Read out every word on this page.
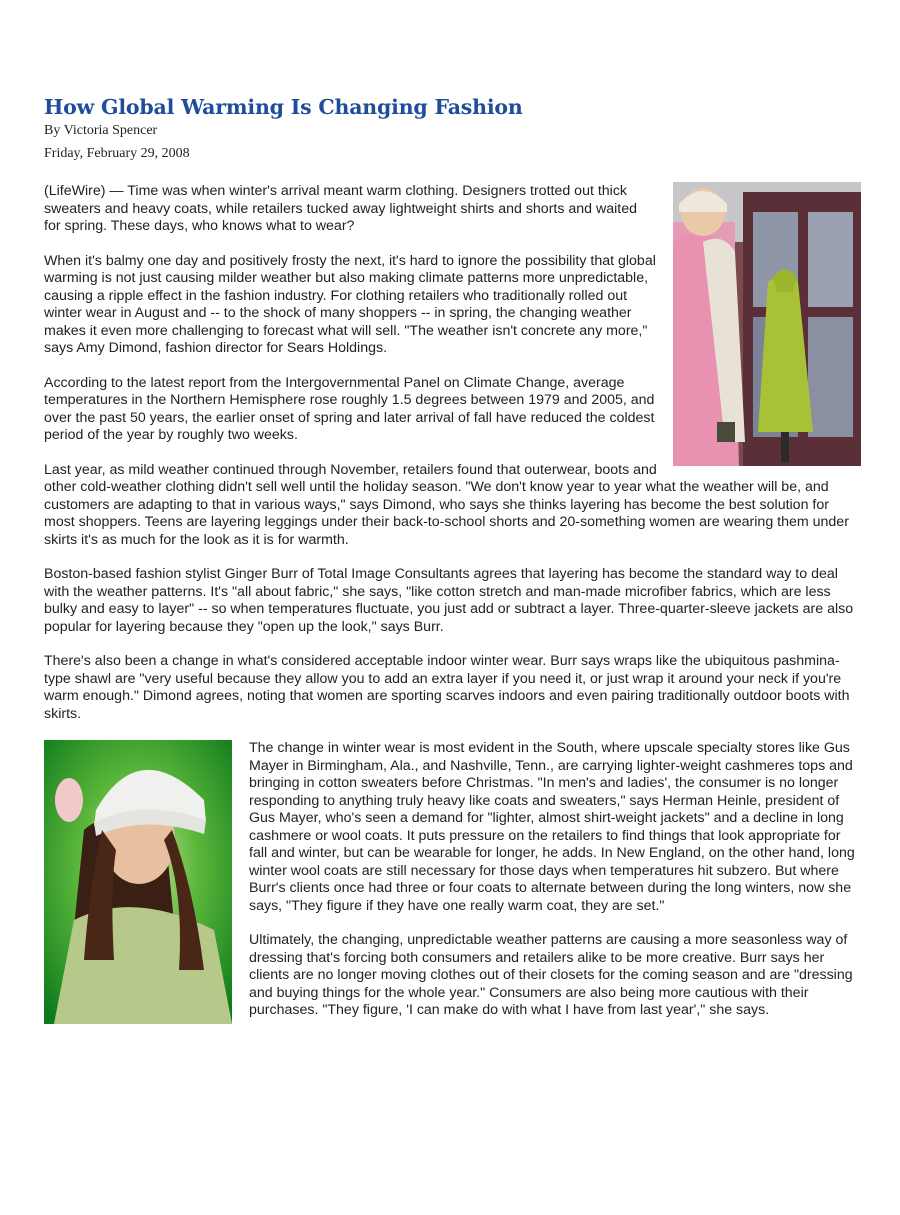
How Global Warming Is Changing Fashion
By Victoria Spencer
Friday, February 29, 2008

(LifeWire) — Time was when winter's arrival meant warm clothing. Designers trotted out thick sweaters and heavy coats, while retailers tucked away lightweight shirts and shorts and waited for spring. These days, who knows what to wear?

When it's balmy one day and positively frosty the next, it's hard to ignore the possibility that global warming is not just causing milder weather but also making climate patterns more unpredictable, causing a ripple effect in the fashion industry. For clothing retailers who traditionally rolled out winter wear in August and -- to the shock of many shoppers -- in spring, the changing weather makes it even more challenging to forecast what will sell. "The weather isn't concrete any more," says Amy Dimond, fashion director for Sears Holdings.

According to the latest report from the Intergovernmental Panel on Climate Change, average temperatures in the Northern Hemisphere rose roughly 1.5 degrees between 1979 and 2005, and over the past 50 years, the earlier onset of spring and later arrival of fall have reduced the coldest period of the year by roughly two weeks.

Last year, as mild weather continued through November, retailers found that outerwear, boots and other cold-weather clothing didn't sell well until the holiday season. "We don't know year to year what the weather will be, and customers are adapting to that in various ways," says Dimond, who says she thinks layering has become the best solution for most shoppers. Teens are layering leggings under their back-to-school shorts and 20-something women are wearing them under skirts it's as much for the look as it is for warmth.

Boston-based fashion stylist Ginger Burr of Total Image Consultants agrees that layering has become the standard way to deal with the weather patterns. It's "all about fabric," she says, "like cotton stretch and man-made microfiber fabrics, which are less bulky and easy to layer" -- so when temperatures fluctuate, you just add or subtract a layer. Three-quarter-sleeve jackets are also popular for layering because they "open up the look," says Burr.

There's also been a change in what's considered acceptable indoor winter wear. Burr says wraps like the ubiquitous pashmina-type shawl are "very useful because they allow you to add an extra layer if you need it, or just wrap it around your neck if you're warm enough." Dimond agrees, noting that women are sporting scarves indoors and even pairing traditionally outdoor boots with skirts.

The change in winter wear is most evident in the South, where upscale specialty stores like Gus Mayer in Birmingham, Ala., and Nashville, Tenn., are carrying lighter-weight cashmeres tops and bringing in cotton sweaters before Christmas. "In men's and ladies', the consumer is no longer responding to anything truly heavy like coats and sweaters," says Herman Heinle, president of Gus Mayer, who's seen a demand for "lighter, almost shirt-weight jackets" and a decline in long cashmere or wool coats. It puts pressure on the retailers to find things that look appropriate for fall and winter, but can be wearable for longer, he adds. In New England, on the other hand, long winter wool coats are still necessary for those days when temperatures hit subzero. But where Burr's clients once had three or four coats to alternate between during the long winters, now she says, "They figure if they have one really warm coat, they are set."

Ultimately, the changing, unpredictable weather patterns are causing a more seasonless way of dressing that's forcing both consumers and retailers alike to be more creative. Burr says her clients are no longer moving clothes out of their closets for the coming season and are "dressing and buying things for the whole year." Consumers are also being more cautious with their purchases. "They figure, 'I can make do with what I have from last year'," she says.
